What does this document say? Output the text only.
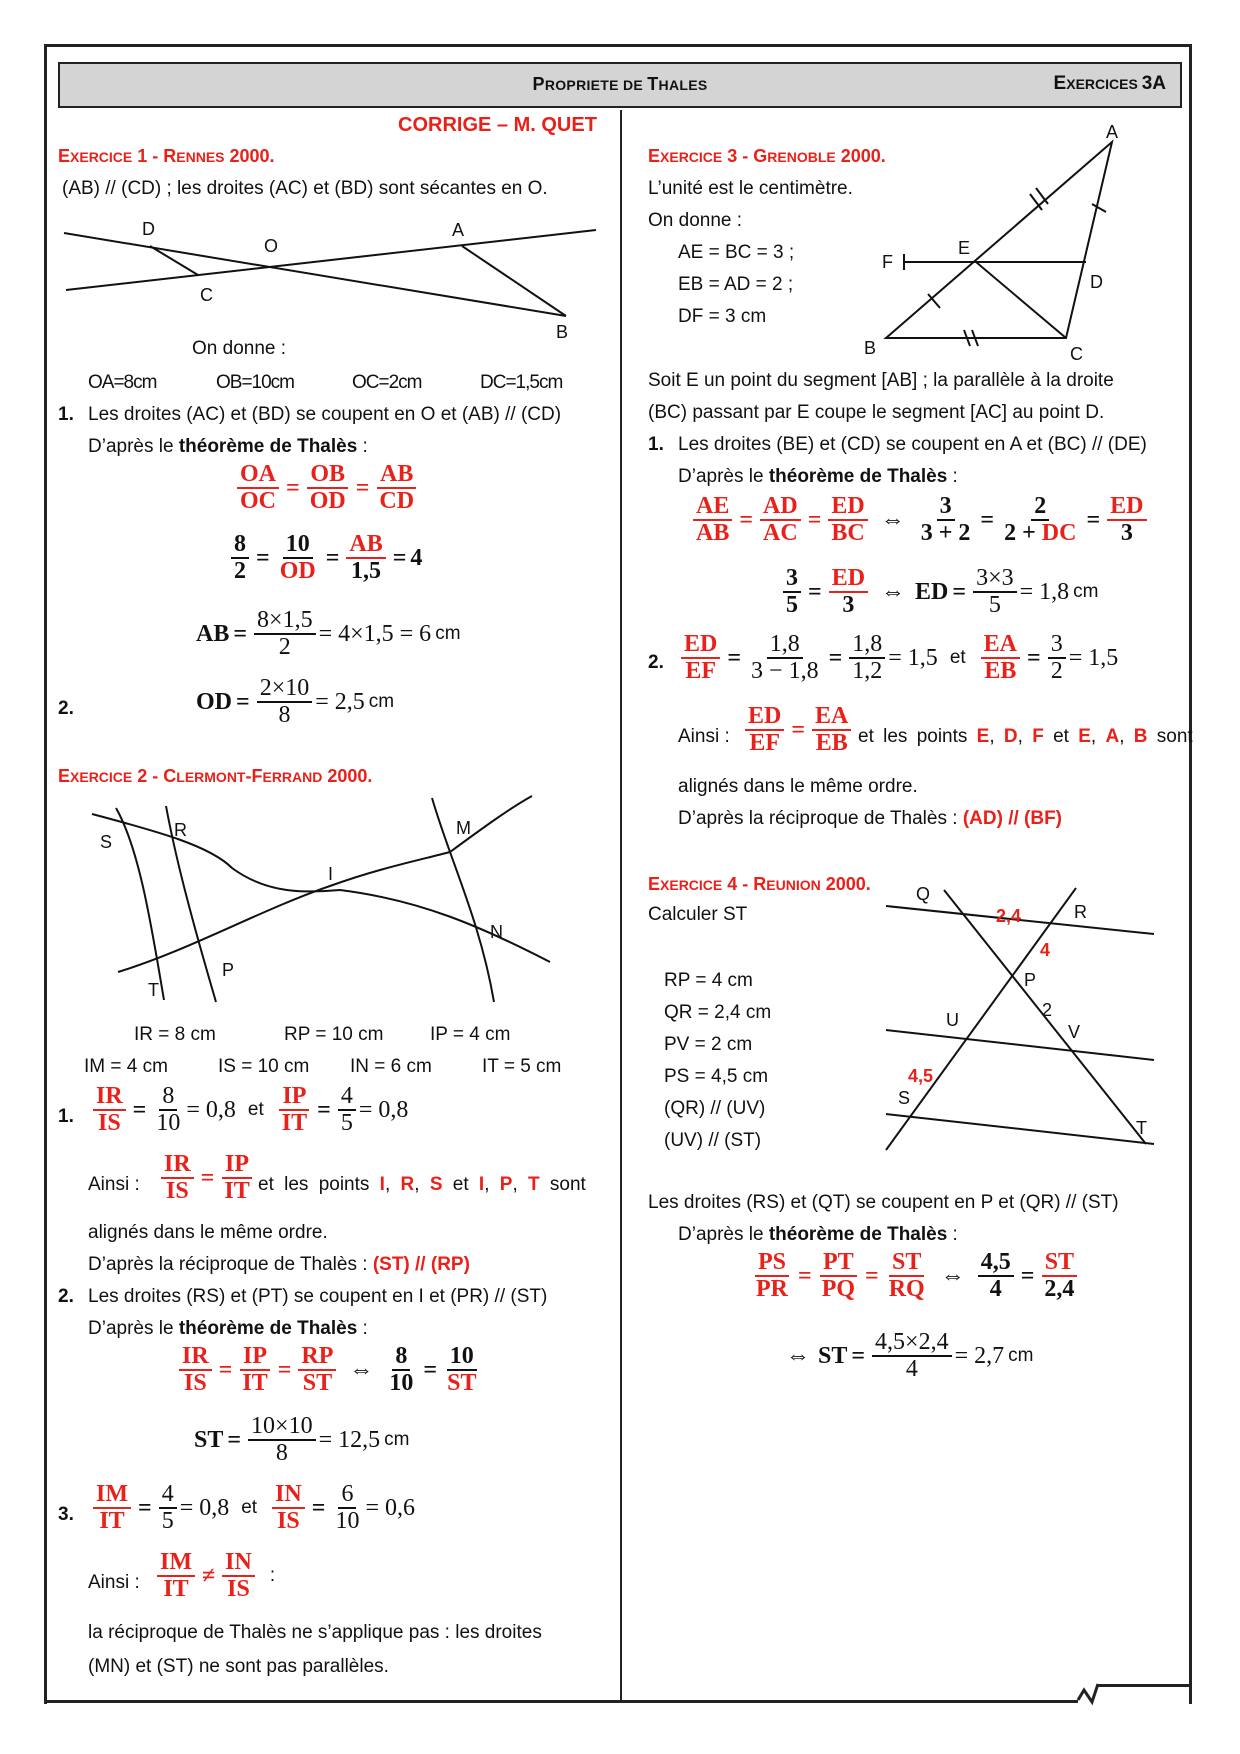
PROPRIETE DE THALES	EXERCICES 3A
CORRIGE – M. QUET
EXERCICE 1 - RENNES 2000.
(AB) // (CD) ; les droites (AC) et (BD) sont sécantes en O.
D
O
A
C
B
On donne :
OA=8cm	OB=10cm	OC=2cm	DC=1,5cm
1. Les droites (AC) et (BD) se coupent en O et (AB) // (CD)
D’après le théorème de Thalès :
$\frac{OA}{OC} = \frac{OB}{OD} = \frac{AB}{CD}$
$\frac{8}{2} = \frac{10}{OD} = \frac{AB}{1,5} = 4$
AB = $\frac{8\times 1,5}{2} = 4\times 1,5 = 6$ cm
2.	OD = $\frac{2\times 10}{8} = 2,5$ cm
EXERCICE 2 - CLERMONT-FERRAND 2000.
S
R	M
I
N
P
T
IR = 8 cm	RP = 10 cm IP = 4 cm
IM = 4 cm	IS = 10 cm IN = 6 cm	IT = 5 cm
1. $\frac{IR}{IS} = \frac{8}{10} = 0,8$ et $\frac{IP}{IT} = \frac{4}{5} = 0,8$
Ainsi : $\frac{IR}{IS} = \frac{IP}{IT}$ et les points I, R, S et I, P, T sont
alignés dans le même ordre.
D’après la réciproque de Thalès : (ST) // (RP)
2. Les droites (RS) et (PT) se coupent en I et (PR) // (ST)
D’après le théorème de Thalès :
$\frac{IR}{IS} = \frac{IP}{IT} = \frac{RP}{ST}$ ⇔ $\frac{8}{10} = \frac{10}{ST}$
ST = $\frac{10\times 10}{8} = 12,5$ cm
3. $\frac{IM}{IT} = \frac{4}{5} = 0,8$ et $\frac{IN}{IS} = \frac{6}{10} = 0,6$
Ainsi :
IM
IT
≠
IN
IS
:
la réciproque de Thalès ne s’applique pas : les droites
(MN) et (ST) ne sont pas parallèles.
EXERCICE 3 - GRENOBLE 2000.
L’unité est le centimètre.
On donne :
AE = BC = 3 ;
EB = AD = 2 ;
DF = 3 cm
A
F
E
D
B	C
Soit E un point du segment [AB] ; la parallèle à la droite
(BC) passant par E coupe le segment [AC] au point D.
1. Les droites (BE) et (CD) se coupent en A et (BC) // (DE)
D’après le théorème de Thalès :
$\frac{AE}{AB} = \frac{AD}{AC} = \frac{ED}{BC}$ ⇔ $\frac{3}{3 + 2} = \frac{2}{2 + DC} = \frac{ED}{3}$
$\frac{3}{5} = \frac{ED}{3}$ ⇔ ED = $\frac{3\times 3}{5} = 1,8$ cm
2. $\frac{ED}{EF} = \frac{1,8}{3 - 1,8} = \frac{1,8}{1,2} = 1,5$ et $\frac{EA}{EB} = \frac{3}{2} = 1,5$
Ainsi : $\frac{ED}{EF} = \frac{EA}{EB}$ et les points E, D, F et E, A, B sont
alignés dans le même ordre.
D’après la réciproque de Thalès : (AD) // (BF)
EXERCICE 4 - REUNION 2000.
Calculer ST
RP = 4 cm
QR = 2,4 cm
PV = 2 cm
PS = 4,5 cm
(QR) // (UV)
(UV) // (ST)
Q
R
P
U
V
S
T
2
2,4
4
4,5
Les droites (RS) et (QT) se coupent en P et (QR) // (ST)
D’après le théorème de Thalès :
$\frac{PS}{PR} = \frac{PT}{PQ} = \frac{ST}{RQ}$ ⇔ $\frac{4,5}{4} = \frac{ST}{2,4}$
⇔ ST = $\frac{4,5\times 2,4}{4} = 2,7$ cm
